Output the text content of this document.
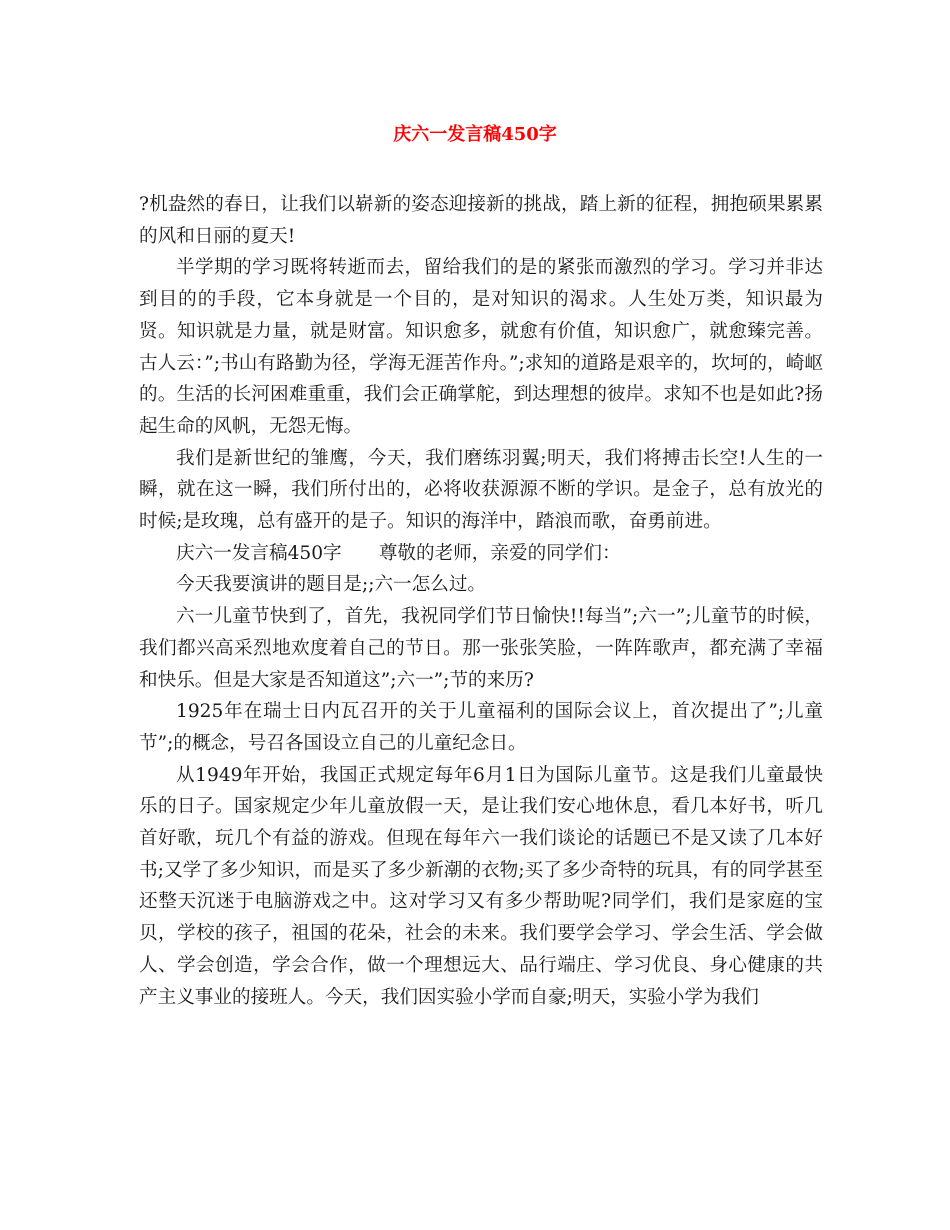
庆六一发言稿450字

?机盎然的春日，让我们以崭新的姿态迎接新的挑战，踏上新的征程，拥抱硕果累累的风和日丽的夏天!

半学期的学习既将转逝而去，留给我们的是的紧张而激烈的学习。学习并非达到目的的手段，它本身就是一个目的，是对知识的渴求。人生处万类，知识最为贤。知识就是力量，就是财富。知识愈多，就愈有价值，知识愈广，就愈臻完善。古人云：”;书山有路勤为径，学海无涯苦作舟。”;求知的道路是艰辛的，坎坷的，崎岖的。生活的长河困难重重，我们会正确掌舵，到达理想的彼岸。求知不也是如此?扬起生命的风帆，无怨无悔。

我们是新世纪的雏鹰，今天，我们磨练羽翼;明天，我们将搏击长空!人生的一瞬，就在这一瞬，我们所付出的，必将收获源源不断的学识。是金子，总有放光的时候;是玫瑰，总有盛开的是子。知识的海洋中，踏浪而歌，奋勇前进。

庆六一发言稿450字　　尊敬的老师，亲爱的同学们：

今天我要演讲的题目是;;六一怎么过。

六一儿童节快到了，首先，我祝同学们节日愉快!!每当”;六一”;儿童节的时候，我们都兴高采烈地欢度着自己的节日。那一张张笑脸，一阵阵歌声，都充满了幸福和快乐。但是大家是否知道这”;六一”;节的来历?

1925年在瑞士日内瓦召开的关于儿童福利的国际会议上，首次提出了”;儿童节”;的概念，号召各国设立自己的儿童纪念日。

从1949年开始，我国正式规定每年6月1日为国际儿童节。这是我们儿童最快乐的日子。国家规定少年儿童放假一天，是让我们安心地休息，看几本好书，听几首好歌，玩几个有益的游戏。但现在每年六一我们谈论的话题已不是又读了几本好书;又学了多少知识，而是买了多少新潮的衣物;买了多少奇特的玩具，有的同学甚至还整天沉迷于电脑游戏之中。这对学习又有多少帮助呢?同学们，我们是家庭的宝贝，学校的孩子，祖国的花朵，社会的未来。我们要学会学习、学会生活、学会做人、学会创造，学会合作，做一个理想远大、品行端庄、学习优良、身心健康的共产主义事业的接班人。今天，我们因实验小学而自豪;明天，实验小学为我们
